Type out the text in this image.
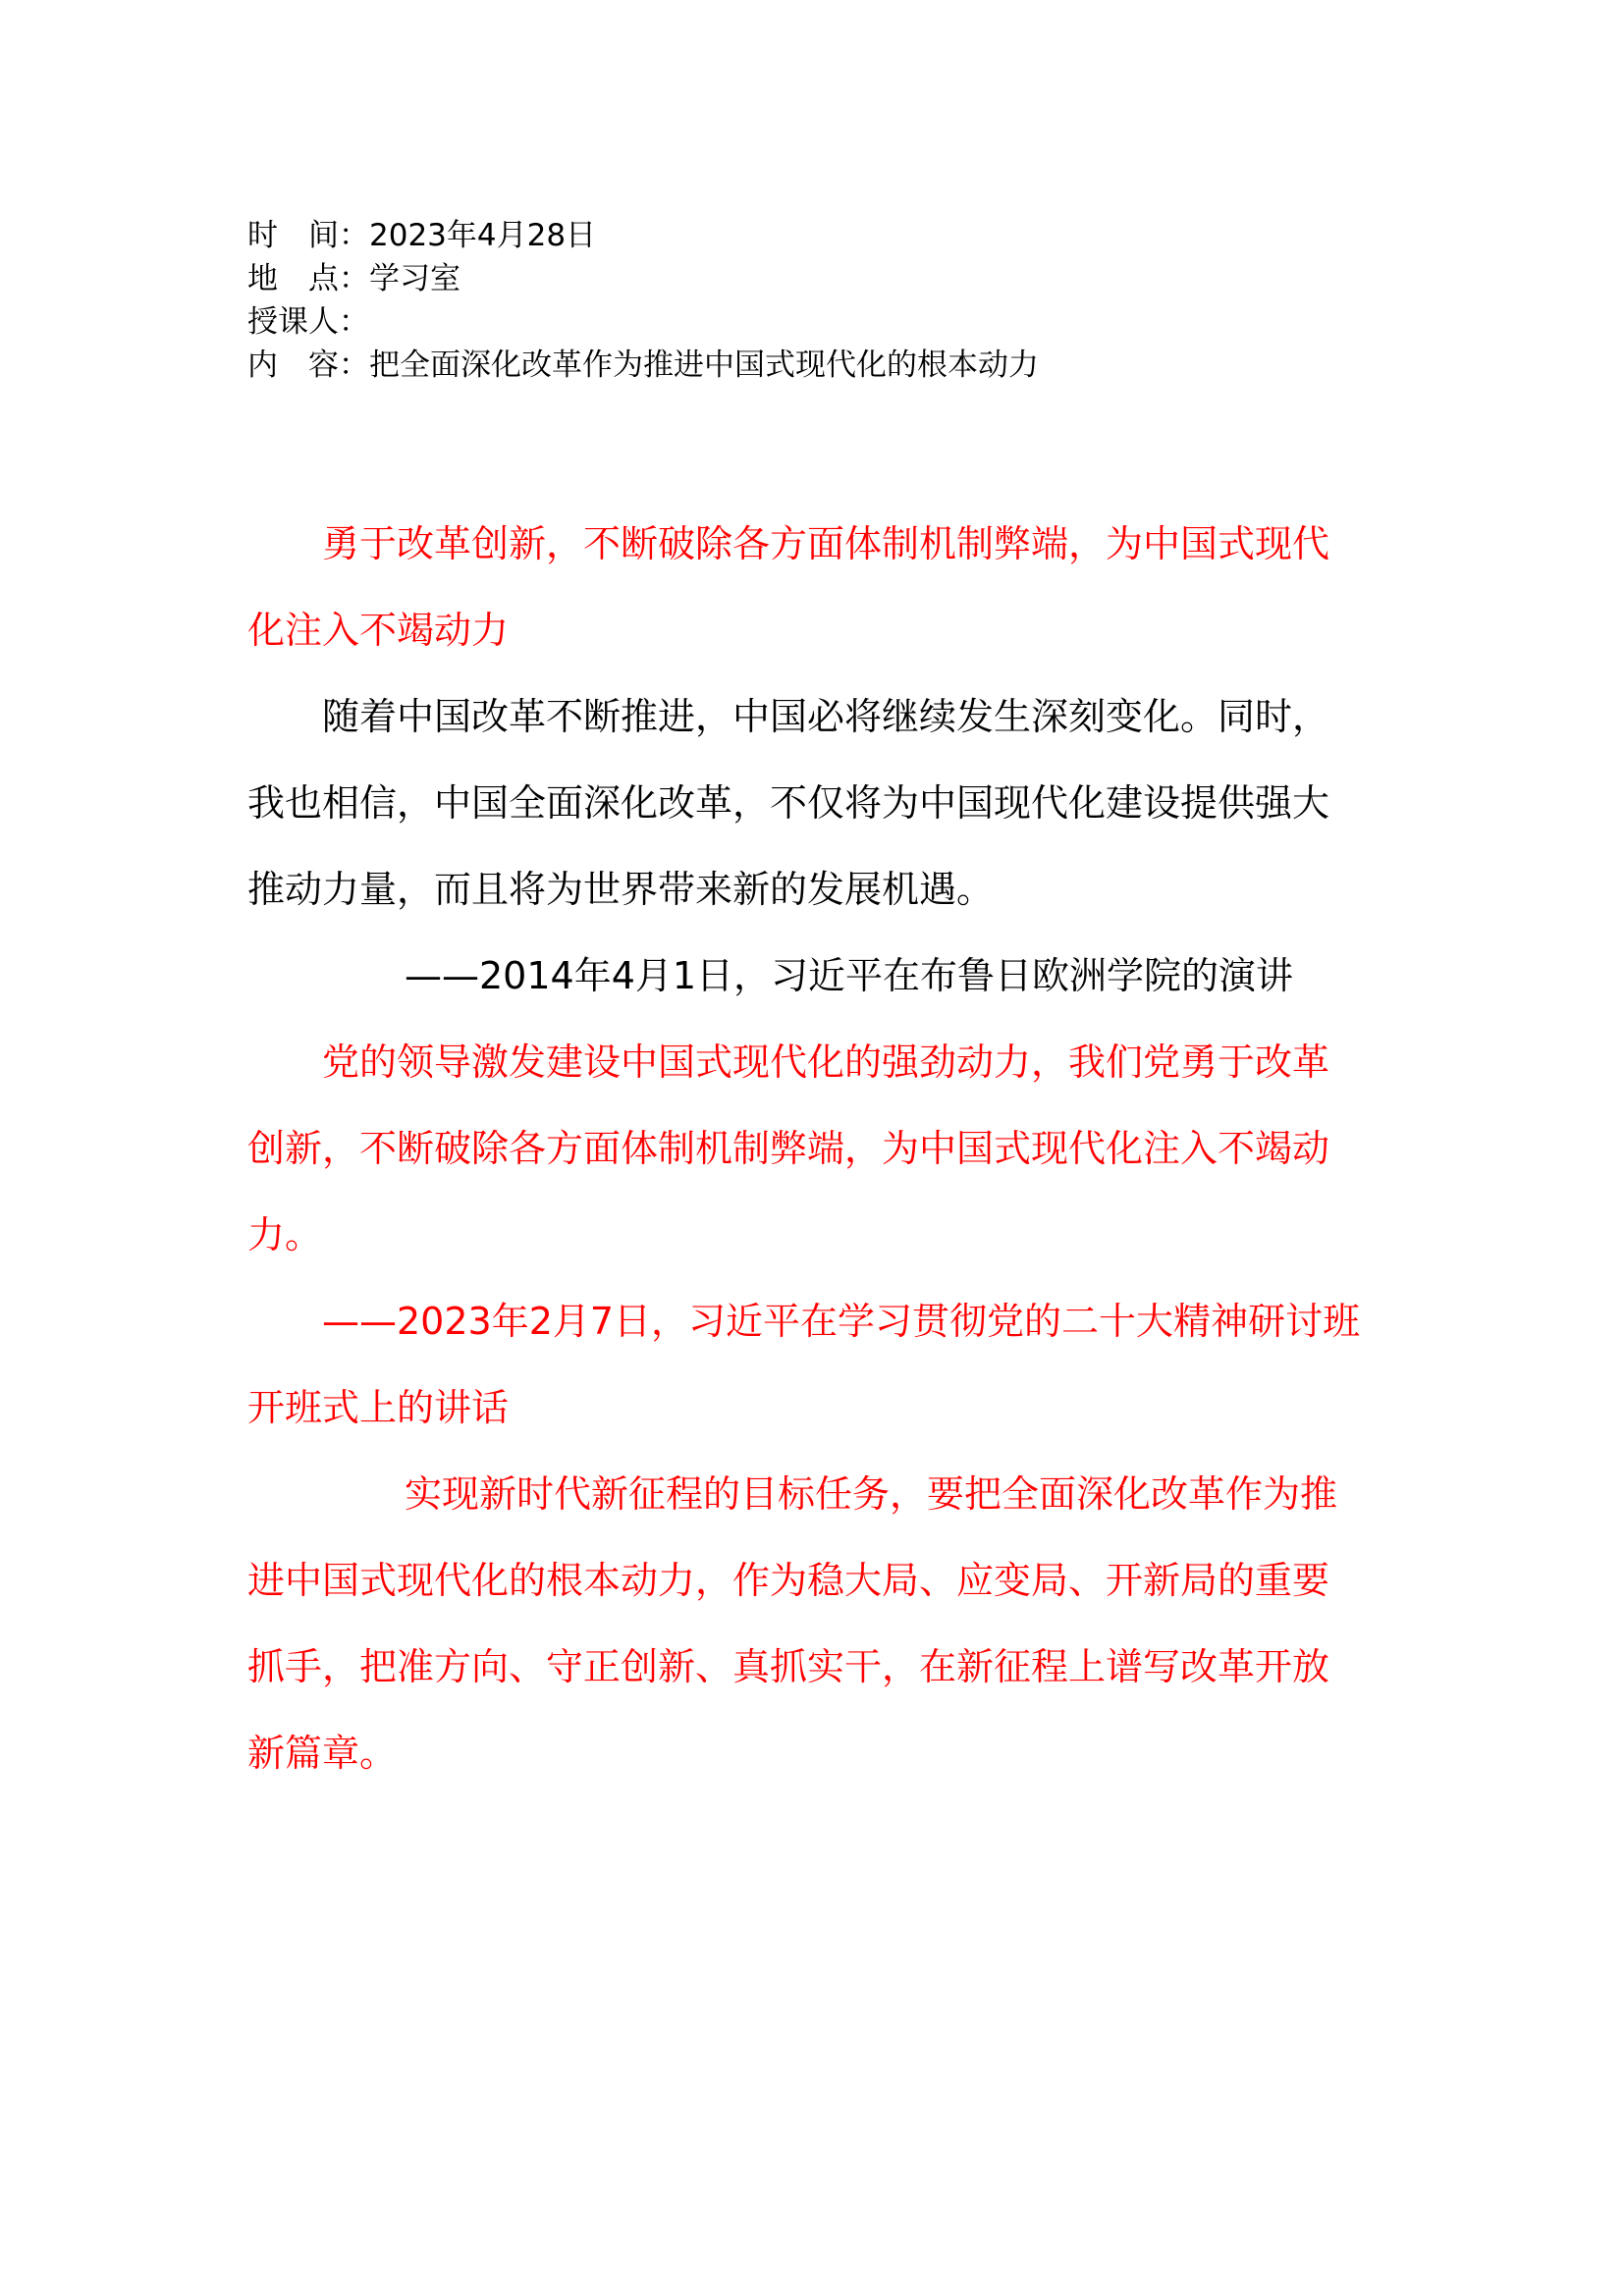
时　间：2023年4月28日
地　点：学习室
授课人：
内　容：把全面深化改革作为推进中国式现代化的根本动力

勇于改革创新，不断破除各方面体制机制弊端，为中国式现代化注入不竭动力

随着中国改革不断推进，中国必将继续发生深刻变化。同时，我也相信，中国全面深化改革，不仅将为中国现代化建设提供强大推动力量，而且将为世界带来新的发展机遇。

——2014年4月1日，习近平在布鲁日欧洲学院的演讲

党的领导激发建设中国式现代化的强劲动力，我们党勇于改革创新，不断破除各方面体制机制弊端，为中国式现代化注入不竭动力。

——2023年2月7日，习近平在学习贯彻党的二十大精神研讨班开班式上的讲话

实现新时代新征程的目标任务，要把全面深化改革作为推进中国式现代化的根本动力，作为稳大局、应变局、开新局的重要抓手，把准方向、守正创新、真抓实干，在新征程上谱写改革开放新篇章。
